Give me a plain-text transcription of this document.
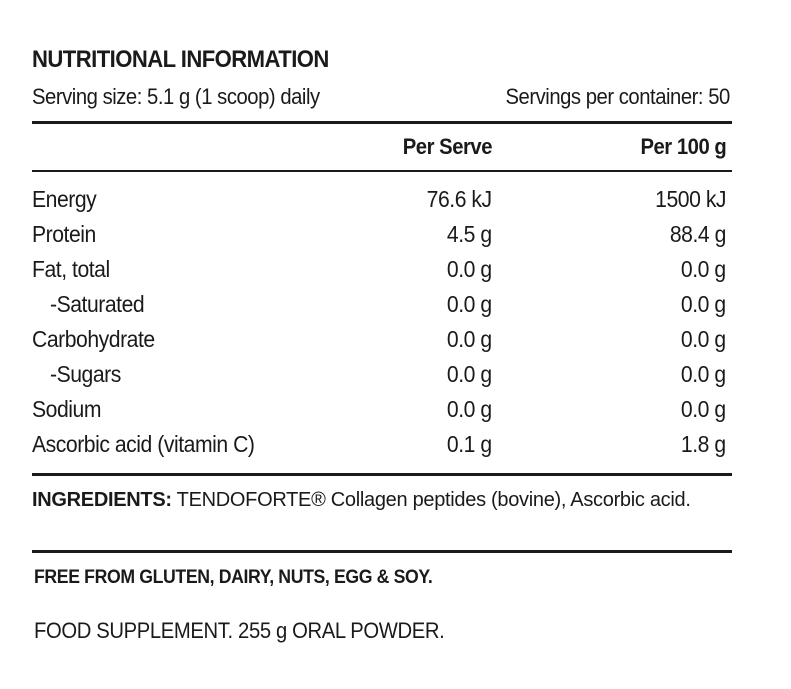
NUTRITIONAL INFORMATION
Serving size: 5.1 g (1 scoop) daily	Servings per container: 50
Per Serve	Per 100 g
Energy	76.6 kJ	1500 kJ
Protein	4.5 g	88.4 g
Fat, total	0.0 g	0.0 g
-Saturated	0.0 g	0.0 g
Carbohydrate	0.0 g	0.0 g
-Sugars	0.0 g	0.0 g
Sodium	0.0 g	0.0 g
Ascorbic acid (vitamin C)	0.1 g	1.8 g
INGREDIENTS: TENDOFORTE® Collagen peptides (bovine), Ascorbic acid.
FREE FROM GLUTEN, DAIRY, NUTS, EGG & SOY.
FOOD SUPPLEMENT. 255 g ORAL POWDER.
